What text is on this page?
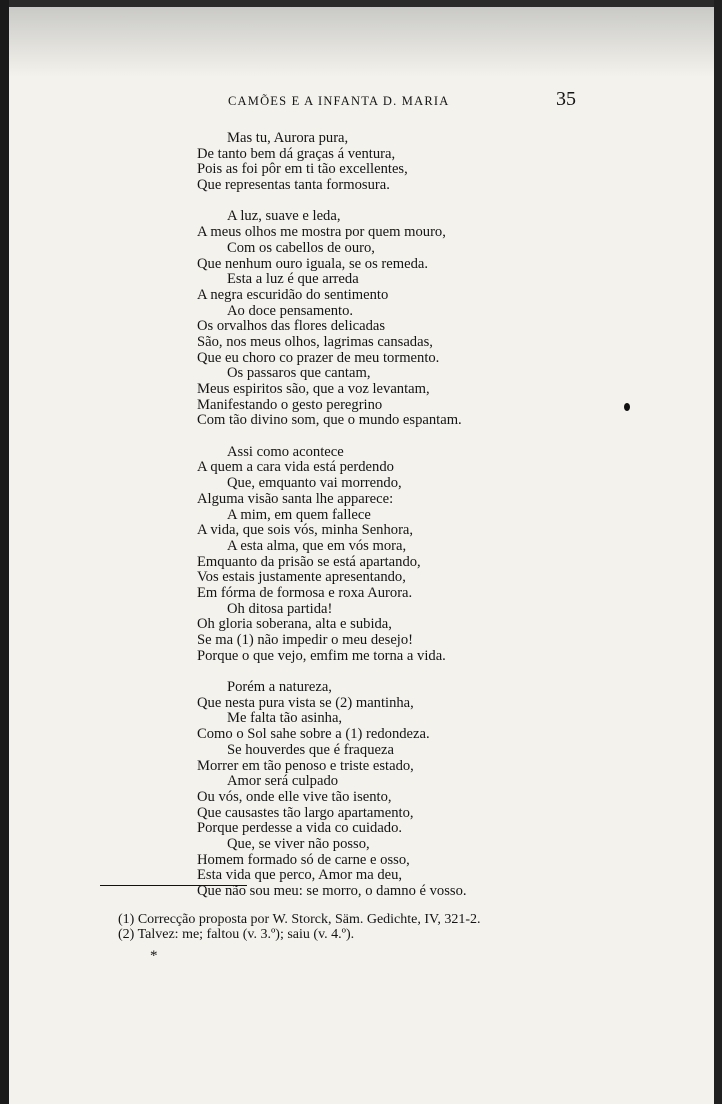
CAMÕES E A INFANTA D. MARIA	35
Mas tu, Aurora pura,
De tanto bem dá graças á ventura,
Pois as foi pôr em ti tão excellentes,
Que representas tanta formosura.
A luz, suave e leda,
A meus olhos me mostra por quem mouro,
Com os cabellos de ouro,
Que nenhum ouro iguala, se os remeda.
Esta a luz é que arreda
A negra escuridão do sentimento
Ao doce pensamento.
Os orvalhos das flores delicadas
São, nos meus olhos, lagrimas cansadas,
Que eu choro co prazer de meu tormento.
Os passaros que cantam,
Meus espiritos são, que a voz levantam,
Manifestando o gesto peregrino
Com tão divino som, que o mundo espantam.
Assi como acontece
A quem a cara vida está perdendo
Que, emquanto vai morrendo,
Alguma visão santa lhe apparece:
A mim, em quem fallece
A vida, que sois vós, minha Senhora,
A esta alma, que em vós mora,
Emquanto da prisão se está apartando,
Vos estais justamente apresentando,
Em fórma de formosa e roxa Aurora.
Oh ditosa partida!
Oh gloria soberana, alta e subida,
Se ma (1) não impedir o meu desejo!
Porque o que vejo, emfim me torna a vida.
Porém a natureza,
Que nesta pura vista se (2) mantinha,
Me falta tão asinha,
Como o Sol sahe sobre a (1) redondeza.
Se houverdes que é fraqueza
Morrer em tão penoso e triste estado,
Amor será culpado
Ou vós, onde elle vive tão isento,
Que causastes tão largo apartamento,
Porque perdesse a vida co cuidado.
Que, se viver não posso,
Homem formado só de carne e osso,
Esta vida que perco, Amor ma deu,
Que não sou meu: se morro, o damno é vosso.
(1) Correcção proposta por W. Storck, Säm. Gedichte, IV, 321-2.
(2) Talvez: me; faltou (v. 3.º); saiu (v. 4.º).
*
